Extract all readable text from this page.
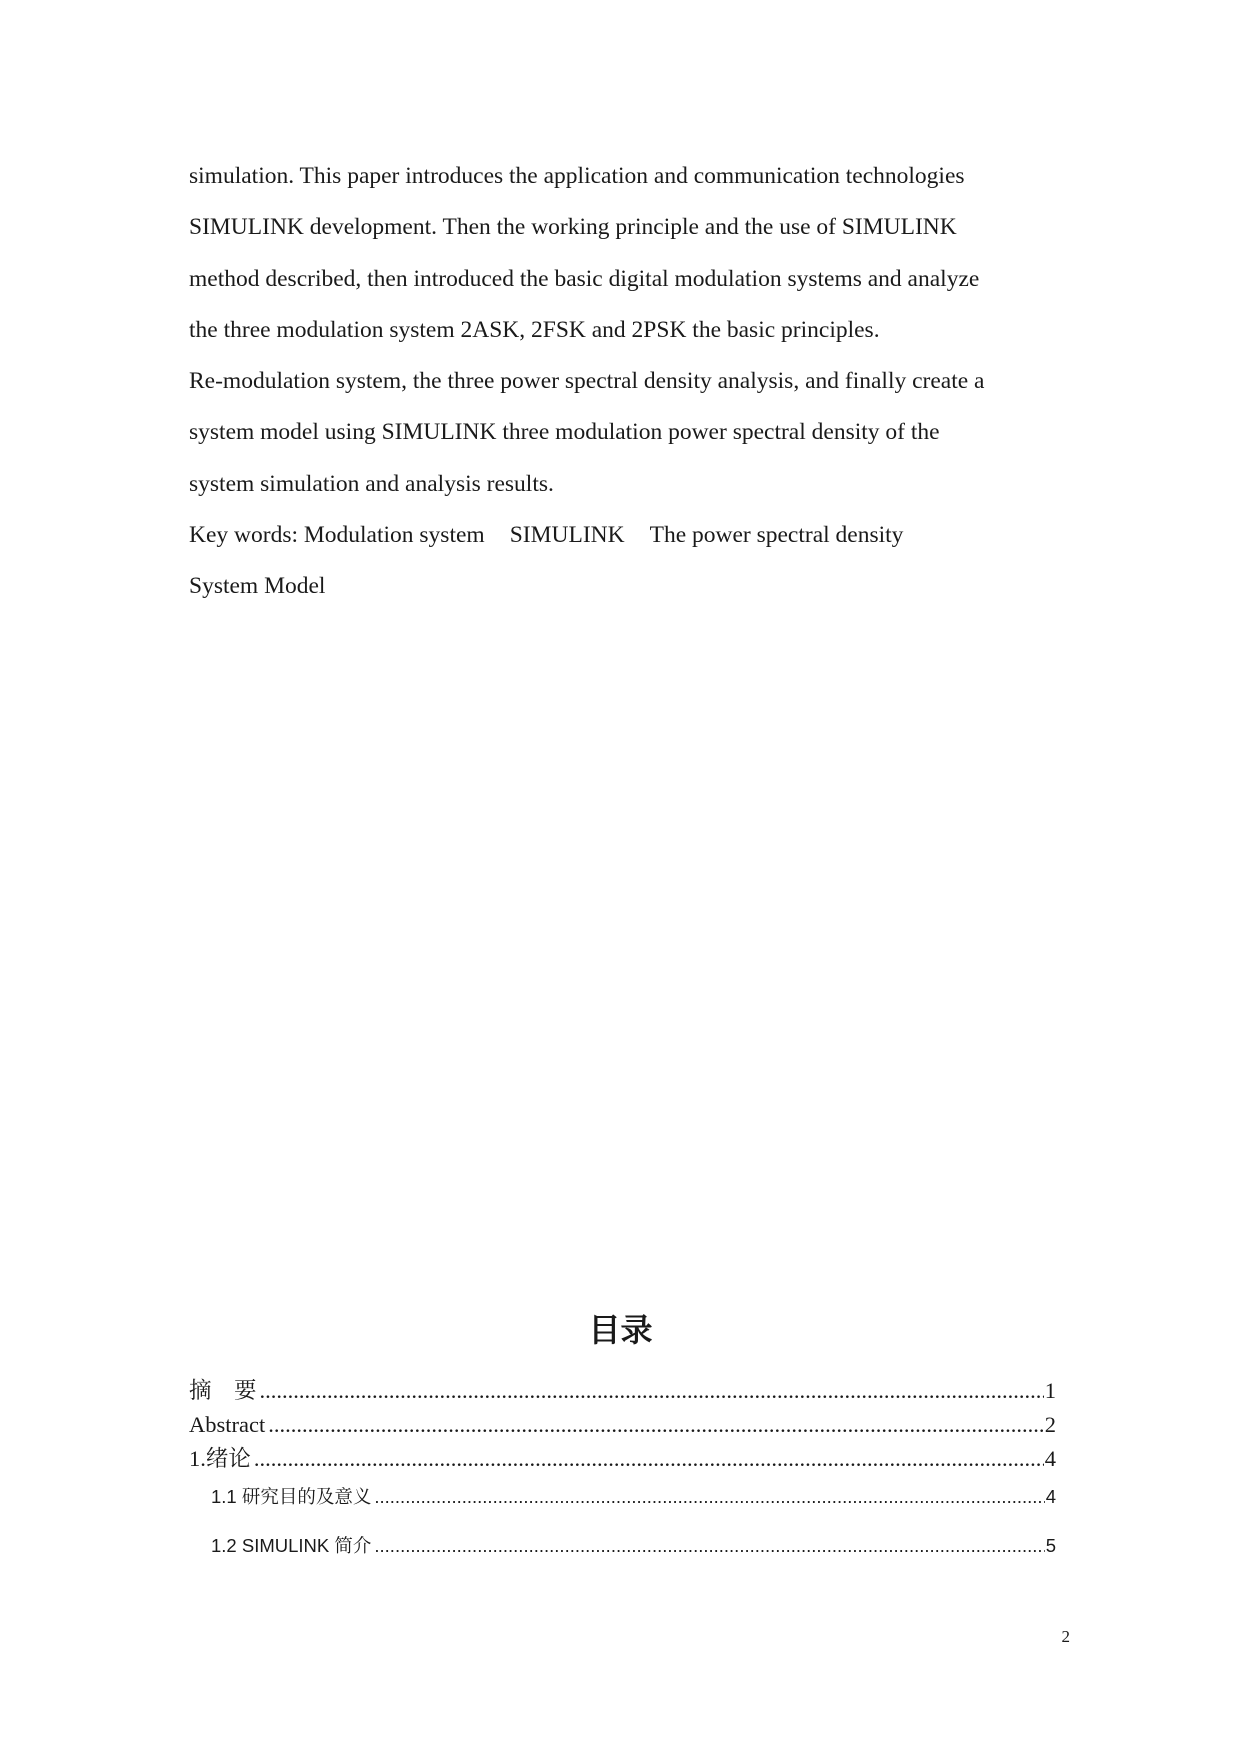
simulation. This paper introduces the application and communication technologies
SIMULINK development. Then the working principle and the use of SIMULINK
method described, then introduced the basic digital modulation systems and analyze
the three modulation system 2ASK, 2FSK and 2PSK the basic principles.
Re-modulation system, the three power spectral density analysis, and finally create a
system model using SIMULINK three modulation power spectral density of the
system simulation and analysis results.
Key words: Modulation system SIMULINK The power spectral density
System Model
目录
摘    要 .....	1
Abstract .....	2
1.绪论 .....	4
1.1 研究目的及意义 .....	4
1.2 SIMULINK 简介 .....	5
2
